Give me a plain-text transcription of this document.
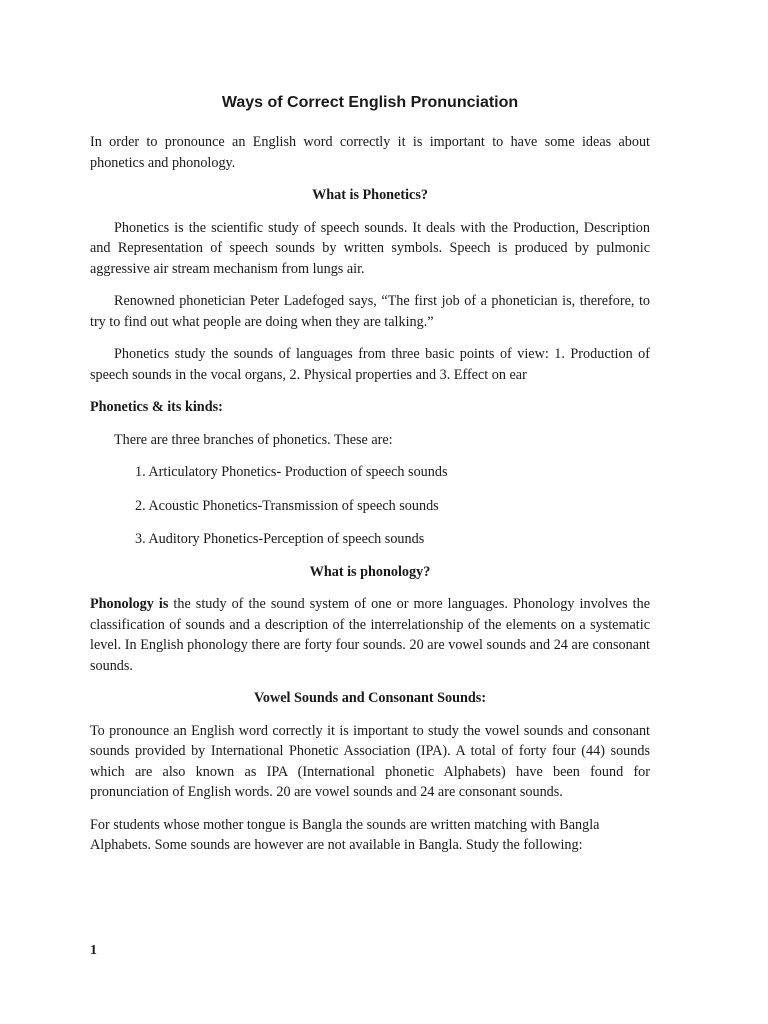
Ways of Correct English Pronunciation

In order to pronounce an English word correctly it is important to have some ideas about phonetics and phonology.

What is Phonetics?

Phonetics is the scientific study of speech sounds. It deals with the Production, Description and Representation of speech sounds by written symbols. Speech is produced by pulmonic aggressive air stream mechanism from lungs air.

Renowned phonetician Peter Ladefoged says, “The first job of a phonetician is, therefore, to try to find out what people are doing when they are talking.”

Phonetics study the sounds of languages from three basic points of view: 1. Production of speech sounds in the vocal organs, 2. Physical properties and 3. Effect on ear

Phonetics & its kinds:

There are three branches of phonetics. These are:

1. Articulatory Phonetics- Production of speech sounds
2. Acoustic Phonetics-Transmission of speech sounds
3. Auditory Phonetics-Perception of speech sounds
What is phonology?

Phonology is the study of the sound system of one or more languages. Phonology involves the classification of sounds and a description of the interrelationship of the elements on a systematic level. In English phonology there are forty four sounds. 20 are vowel sounds and 24 are consonant sounds.

Vowel Sounds and Consonant Sounds:

To pronounce an English word correctly it is important to study the vowel sounds and consonant sounds provided by International Phonetic Association (IPA). A total of forty four (44) sounds which are also known as IPA (International phonetic Alphabets) have been found for pronunciation of English words. 20 are vowel sounds and 24 are consonant sounds.

For students whose mother tongue is Bangla the sounds are written matching with Bangla Alphabets. Some sounds are however are not available in Bangla. Study the following:

1
